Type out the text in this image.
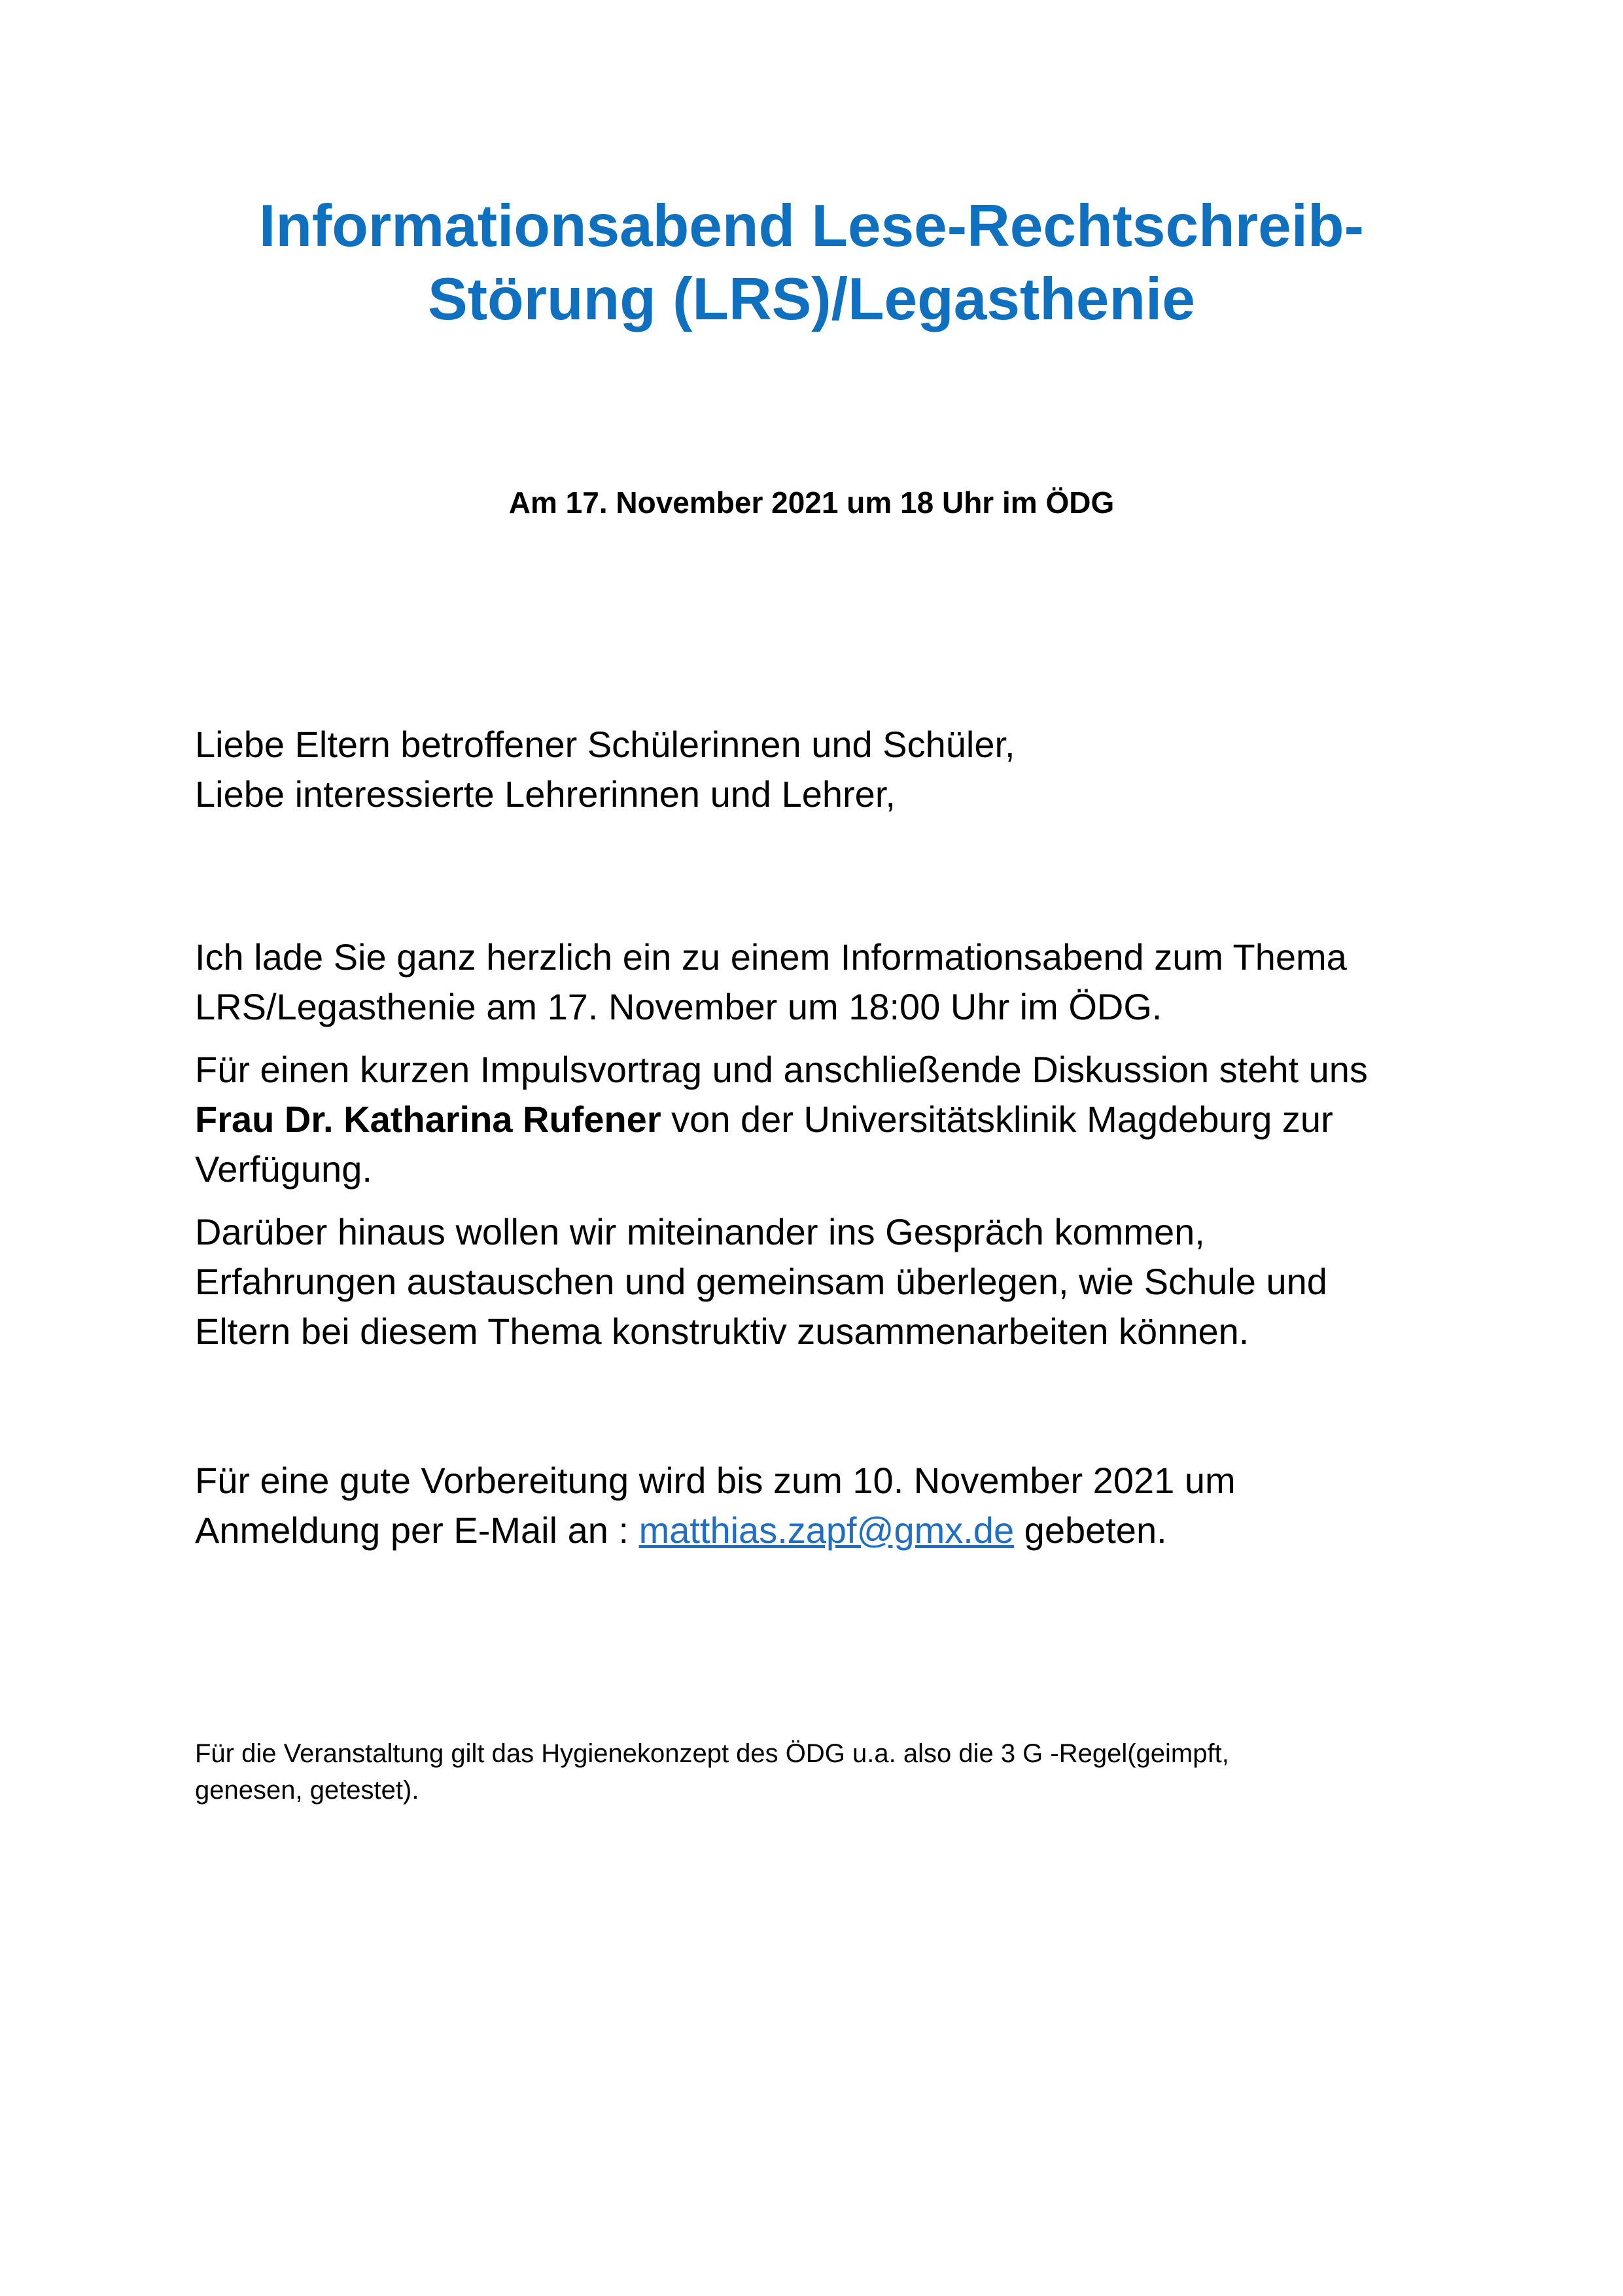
Informationsabend Lese-Rechtschreib-
Störung (LRS)/Legasthenie

Am 17. November 2021 um 18 Uhr im ÖDG

Liebe Eltern betroffener Schülerinnen und Schüler,
Liebe interessierte Lehrerinnen und Lehrer,

Ich lade Sie ganz herzlich ein zu einem Informationsabend zum Thema
LRS/Legasthenie am 17. November um 18:00 Uhr im ÖDG.

Für einen kurzen Impulsvortrag und anschließende Diskussion steht uns
Frau Dr. Katharina Rufener von der Universitätsklinik Magdeburg zur
Verfügung.

Darüber hinaus wollen wir miteinander ins Gespräch kommen,
Erfahrungen austauschen und gemeinsam überlegen, wie Schule und
Eltern bei diesem Thema konstruktiv zusammenarbeiten können.

Für eine gute Vorbereitung wird bis zum 10. November 2021 um
Anmeldung per E-Mail an : matthias.zapf@gmx.de gebeten.

Für die Veranstaltung gilt das Hygienekonzept des ÖDG u.a. also die 3 G -Regel(geimpft,
genesen, getestet).
